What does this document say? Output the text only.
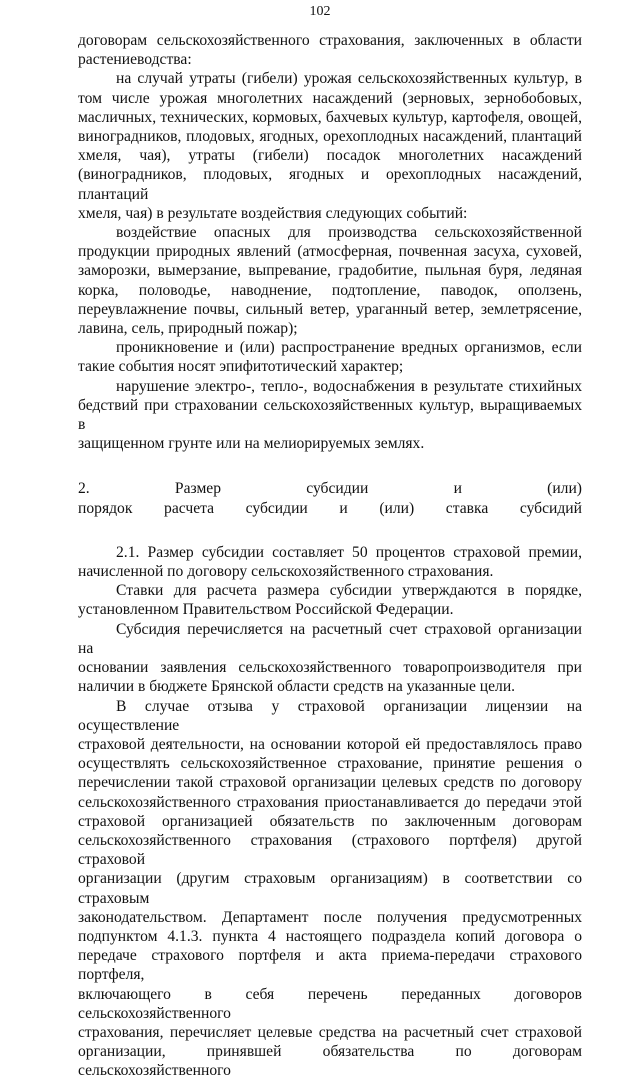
102

договорам сельскохозяйственного страхования, заключенных в области

растениеводства:

на случай утраты (гибели) урожая сельскохозяйственных культур, в

том числе урожая многолетних насаждений (зерновых, зернобобовых,

масличных, технических, кормовых, бахчевых культур, картофеля, овощей,

виноградников, плодовых, ягодных, орехоплодных насаждений, плантаций

хмеля, чая), утраты (гибели) посадок многолетних насаждений

(виноградников, плодовых, ягодных и орехоплодных насаждений, плантаций

хмеля, чая) в результате воздействия следующих событий:

воздействие опасных для производства сельскохозяйственной

продукции природных явлений (атмосферная, почвенная засуха, суховей,

заморозки, вымерзание, выпревание, градобитие, пыльная буря, ледяная

корка, половодье, наводнение, подтопление, паводок, оползень,

переувлажнение почвы, сильный ветер, ураганный ветер, землетрясение,

лавина, сель, природный пожар);

проникновение и (или) распространение вредных организмов, если

такие события носят эпифитотический характер;

нарушение электро-, тепло-, водоснабжения в результате стихийных

бедствий при страховании сельскохозяйственных культур, выращиваемых в

защищенном грунте или на мелиорируемых землях.

2. Размер субсидии и (или)

порядок расчета субсидии и (или) ставка субсидий

2.1. Размер субсидии составляет 50 процентов страховой премии,

начисленной по договору сельскохозяйственного страхования.

Ставки для расчета размера субсидии утверждаются в порядке,

установленном Правительством Российской Федерации.

Субсидия перечисляется на расчетный счет страховой организации на

основании заявления сельскохозяйственного товаропроизводителя при

наличии в бюджете Брянской области средств на указанные цели.

В случае отзыва у страховой организации лицензии на осуществление

страховой деятельности, на основании которой ей предоставлялось право

осуществлять сельскохозяйственное страхование, принятие решения о

перечислении такой страховой организации целевых средств по договору

сельскохозяйственного страхования приостанавливается до передачи этой

страховой организацией обязательств по заключенным договорам

сельскохозяйственного страхования (страхового портфеля) другой страховой

организации (другим страховым организациям) в соответствии со страховым

законодательством. Департамент после получения предусмотренных

подпунктом 4.1.3. пункта 4 настоящего подраздела копий договора о

передаче страхового портфеля и акта приема-передачи страхового портфеля,

включающего в себя перечень переданных договоров сельскохозяйственного

страхования, перечисляет целевые средства на расчетный счет страховой

организации, принявшей обязательства по договорам сельскохозяйственного
